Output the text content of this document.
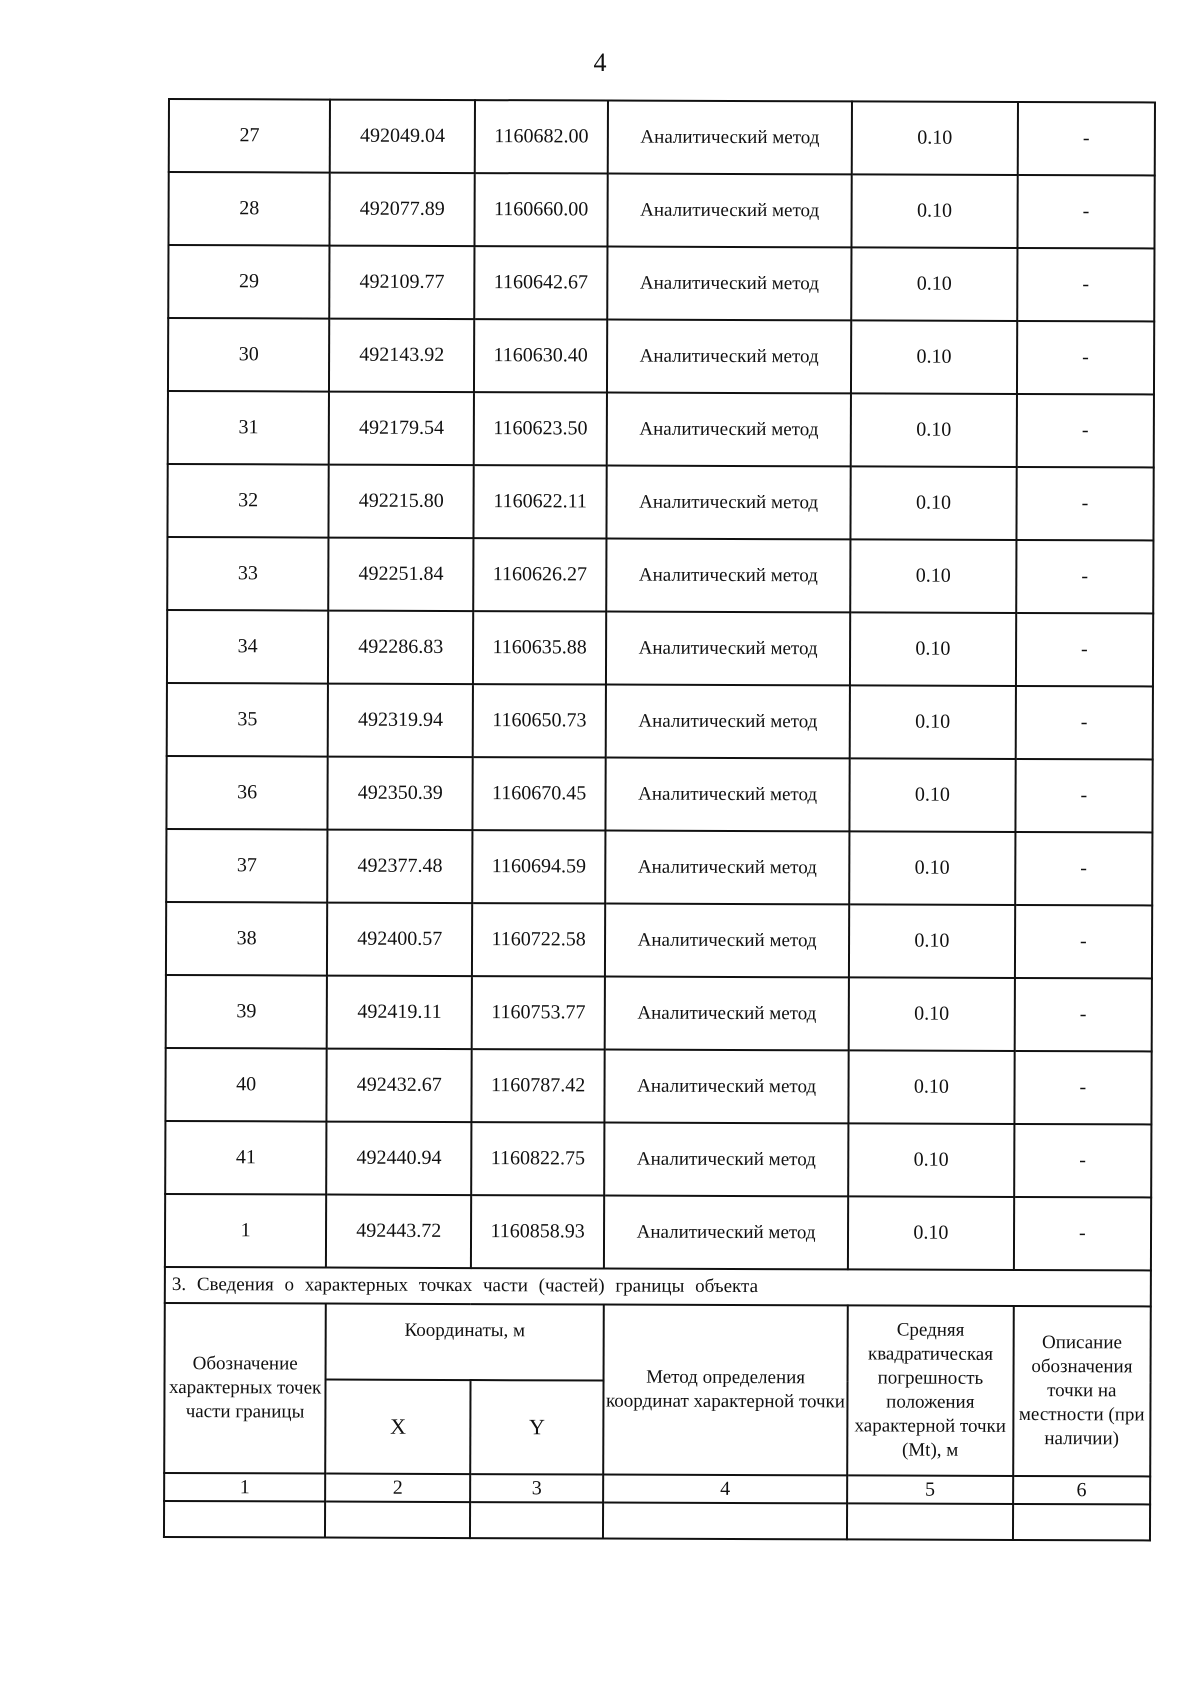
4
27	492049.04	1160682.00	Аналитический метод	0.10	-
28	492077.89	1160660.00	Аналитический метод	0.10	-
29	492109.77	1160642.67	Аналитический метод	0.10	-
30	492143.92	1160630.40	Аналитический метод	0.10	-
31	492179.54	1160623.50	Аналитический метод	0.10	-
32	492215.80	1160622.11	Аналитический метод	0.10	-
33	492251.84	1160626.27	Аналитический метод	0.10	-
34	492286.83	1160635.88	Аналитический метод	0.10	-
35	492319.94	1160650.73	Аналитический метод	0.10	-
36	492350.39	1160670.45	Аналитический метод	0.10	-
37	492377.48	1160694.59	Аналитический метод	0.10	-
38	492400.57	1160722.58	Аналитический метод	0.10	-
39	492419.11	1160753.77	Аналитический метод	0.10	-
40	492432.67	1160787.42	Аналитический метод	0.10	-
41	492440.94	1160822.75	Аналитический метод	0.10	-
1	492443.72	1160858.93	Аналитический метод	0.10	-
3. Сведения о характерных точках части (частей) границы объекта					
Обозначение характерных точек части границы	Координаты, м		Метод определения координат характерной точки	Средняя квадратическая погрешность положения характерной точки (Mt), м	Описание обозначения точки на местности (при наличии)
	X	Y			
1	2	3	4	5	6
